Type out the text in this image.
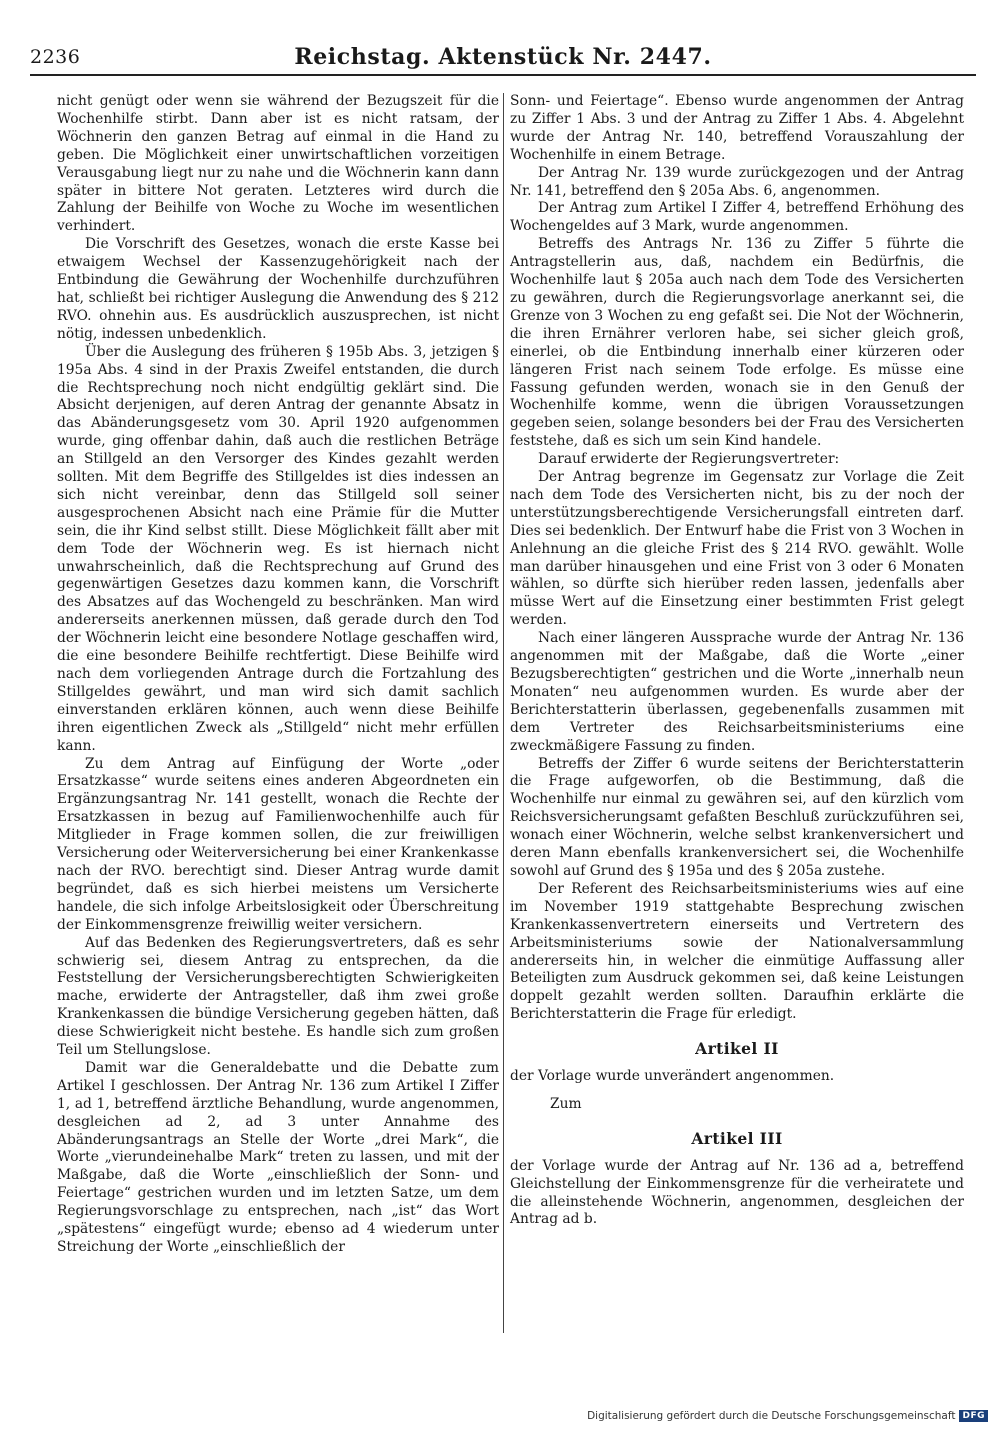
2236	Reichstag. Aktenstück Nr. 2447.

nicht genügt oder wenn sie während der Bezugszeit für die Wochenhilfe stirbt. Dann aber ist es nicht ratsam, der Wöchnerin den ganzen Betrag auf einmal in die Hand zu geben. Die Möglichkeit einer unwirtschaftlichen vorzeitigen Verausgabung liegt nur zu nahe und die Wöchnerin kann dann später in bittere Not geraten. Letzteres wird durch die Zahlung der Beihilfe von Woche zu Woche im wesentlichen verhindert.

Die Vorschrift des Gesetzes, wonach die erste Kasse bei etwaigem Wechsel der Kassenzugehörigkeit nach der Entbindung die Gewährung der Wochenhilfe durchzuführen hat, schließt bei richtiger Auslegung die Anwendung des § 212 RVO. ohnehin aus. Es ausdrücklich auszusprechen, ist nicht nötig, indessen unbedenklich.

Über die Auslegung des früheren § 195b Abs. 3, jetzigen § 195a Abs. 4 sind in der Praxis Zweifel entstanden, die durch die Rechtsprechung noch nicht endgültig geklärt sind. Die Absicht derjenigen, auf deren Antrag der genannte Absatz in das Abänderungsgesetz vom 30. April 1920 aufgenommen wurde, ging offenbar dahin, daß auch die restlichen Beträge an Stillgeld an den Versorger des Kindes gezahlt werden sollten. Mit dem Begriffe des Stillgeldes ist dies indessen an sich nicht vereinbar, denn das Stillgeld soll seiner ausgesprochenen Absicht nach eine Prämie für die Mutter sein, die ihr Kind selbst stillt. Diese Möglichkeit fällt aber mit dem Tode der Wöchnerin weg. Es ist hiernach nicht unwahrscheinlich, daß die Rechtsprechung auf Grund des gegenwärtigen Gesetzes dazu kommen kann, die Vorschrift des Absatzes auf das Wochengeld zu beschränken. Man wird andererseits anerkennen müssen, daß gerade durch den Tod der Wöchnerin leicht eine besondere Notlage geschaffen wird, die eine besondere Beihilfe rechtfertigt. Diese Beihilfe wird nach dem vorliegenden Antrage durch die Fortzahlung des Stillgeldes gewährt, und man wird sich damit sachlich einverstanden erklären können, auch wenn diese Beihilfe ihren eigentlichen Zweck als „Stillgeld“ nicht mehr erfüllen kann.

Zu dem Antrag auf Einfügung der Worte „oder Ersatzkasse“ wurde seitens eines anderen Abgeordneten ein Ergänzungsantrag Nr. 141 gestellt, wonach die Rechte der Ersatzkassen in bezug auf Familienwochenhilfe auch für Mitglieder in Frage kommen sollen, die zur freiwilligen Versicherung oder Weiterversicherung bei einer Krankenkasse nach der RVO. berechtigt sind. Dieser Antrag wurde damit begründet, daß es sich hierbei meistens um Versicherte handele, die sich infolge Arbeitslosigkeit oder Überschreitung der Einkommensgrenze freiwillig weiter versichern.

Auf das Bedenken des Regierungsvertreters, daß es sehr schwierig sei, diesem Antrag zu entsprechen, da die Feststellung der Versicherungsberechtigten Schwierigkeiten mache, erwiderte der Antragsteller, daß ihm zwei große Krankenkassen die bündige Versicherung gegeben hätten, daß diese Schwierigkeit nicht bestehe. Es handle sich zum großen Teil um Stellungslose.

Damit war die Generaldebatte und die Debatte zum Artikel I geschlossen. Der Antrag Nr. 136 zum Artikel I Ziffer 1, ad 1, betreffend ärztliche Behandlung, wurde angenommen, desgleichen ad 2, ad 3 unter Annahme des Abänderungsantrags an Stelle der Worte „drei Mark“, die Worte „vierundeinehalbe Mark“ treten zu lassen, und mit der Maßgabe, daß die Worte „einschließlich der Sonn- und Feiertage“ gestrichen wurden und im letzten Satze, um dem Regierungsvorschlage zu entsprechen, nach „ist“ das Wort „spätestens“ eingefügt wurde; ebenso ad 4 wiederum unter Streichung der Worte „einschließlich der

Sonn- und Feiertage“. Ebenso wurde angenommen der Antrag zu Ziffer 1 Abs. 3 und der Antrag zu Ziffer 1 Abs. 4. Abgelehnt wurde der Antrag Nr. 140, betreffend Vorauszahlung der Wochenhilfe in einem Betrage.

Der Antrag Nr. 139 wurde zurückgezogen und der Antrag Nr. 141, betreffend den § 205a Abs. 6, angenommen.

Der Antrag zum Artikel I Ziffer 4, betreffend Erhöhung des Wochengeldes auf 3 Mark, wurde angenommen.

Betreffs des Antrags Nr. 136 zu Ziffer 5 führte die Antragstellerin aus, daß, nachdem ein Bedürfnis, die Wochenhilfe laut § 205a auch nach dem Tode des Versicherten zu gewähren, durch die Regierungsvorlage anerkannt sei, die Grenze von 3 Wochen zu eng gefaßt sei. Die Not der Wöchnerin, die ihren Ernährer verloren habe, sei sicher gleich groß, einerlei, ob die Entbindung innerhalb einer kürzeren oder längeren Frist nach seinem Tode erfolge. Es müsse eine Fassung gefunden werden, wonach sie in den Genuß der Wochenhilfe komme, wenn die übrigen Voraussetzungen gegeben seien, solange besonders bei der Frau des Versicherten feststehe, daß es sich um sein Kind handele.

Darauf erwiderte der Regierungsvertreter:

Der Antrag begrenze im Gegensatz zur Vorlage die Zeit nach dem Tode des Versicherten nicht, bis zu der noch der unterstützungsberechtigende Versicherungsfall eintreten darf. Dies sei bedenklich. Der Entwurf habe die Frist von 3 Wochen in Anlehnung an die gleiche Frist des § 214 RVO. gewählt. Wolle man darüber hinausgehen und eine Frist von 3 oder 6 Monaten wählen, so dürfte sich hierüber reden lassen, jedenfalls aber müsse Wert auf die Einsetzung einer bestimmten Frist gelegt werden.

Nach einer längeren Aussprache wurde der Antrag Nr. 136 angenommen mit der Maßgabe, daß die Worte „einer Bezugsberechtigten“ gestrichen und die Worte „innerhalb neun Monaten“ neu aufgenommen wurden. Es wurde aber der Berichterstatterin überlassen, gegebenenfalls zusammen mit dem Vertreter des Reichsarbeitsministeriums eine zweckmäßigere Fassung zu finden.

Betreffs der Ziffer 6 wurde seitens der Berichterstatterin die Frage aufgeworfen, ob die Bestimmung, daß die Wochenhilfe nur einmal zu gewähren sei, auf den kürzlich vom Reichsversicherungsamt gefaßten Beschluß zurückzuführen sei, wonach einer Wöchnerin, welche selbst krankenversichert und deren Mann ebenfalls krankenversichert sei, die Wochenhilfe sowohl auf Grund des § 195a und des § 205a zustehe.

Der Referent des Reichsarbeitsministeriums wies auf eine im November 1919 stattgehabte Besprechung zwischen Krankenkassenvertretern einerseits und Vertretern des Arbeitsministeriums sowie der Nationalversammlung andererseits hin, in welcher die einmütige Auffassung aller Beteiligten zum Ausdruck gekommen sei, daß keine Leistungen doppelt gezahlt werden sollten. Daraufhin erklärte die Berichterstatterin die Frage für erledigt.

Artikel II

der Vorlage wurde unverändert angenommen.

Zum

Artikel III

der Vorlage wurde der Antrag auf Nr. 136 ad a, betreffend Gleichstellung der Einkommensgrenze für die verheiratete und die alleinstehende Wöchnerin, angenommen, desgleichen der Antrag ad b.

Digitalisierung gefördert durch die Deutsche Forschungsgemeinschaft DFG
